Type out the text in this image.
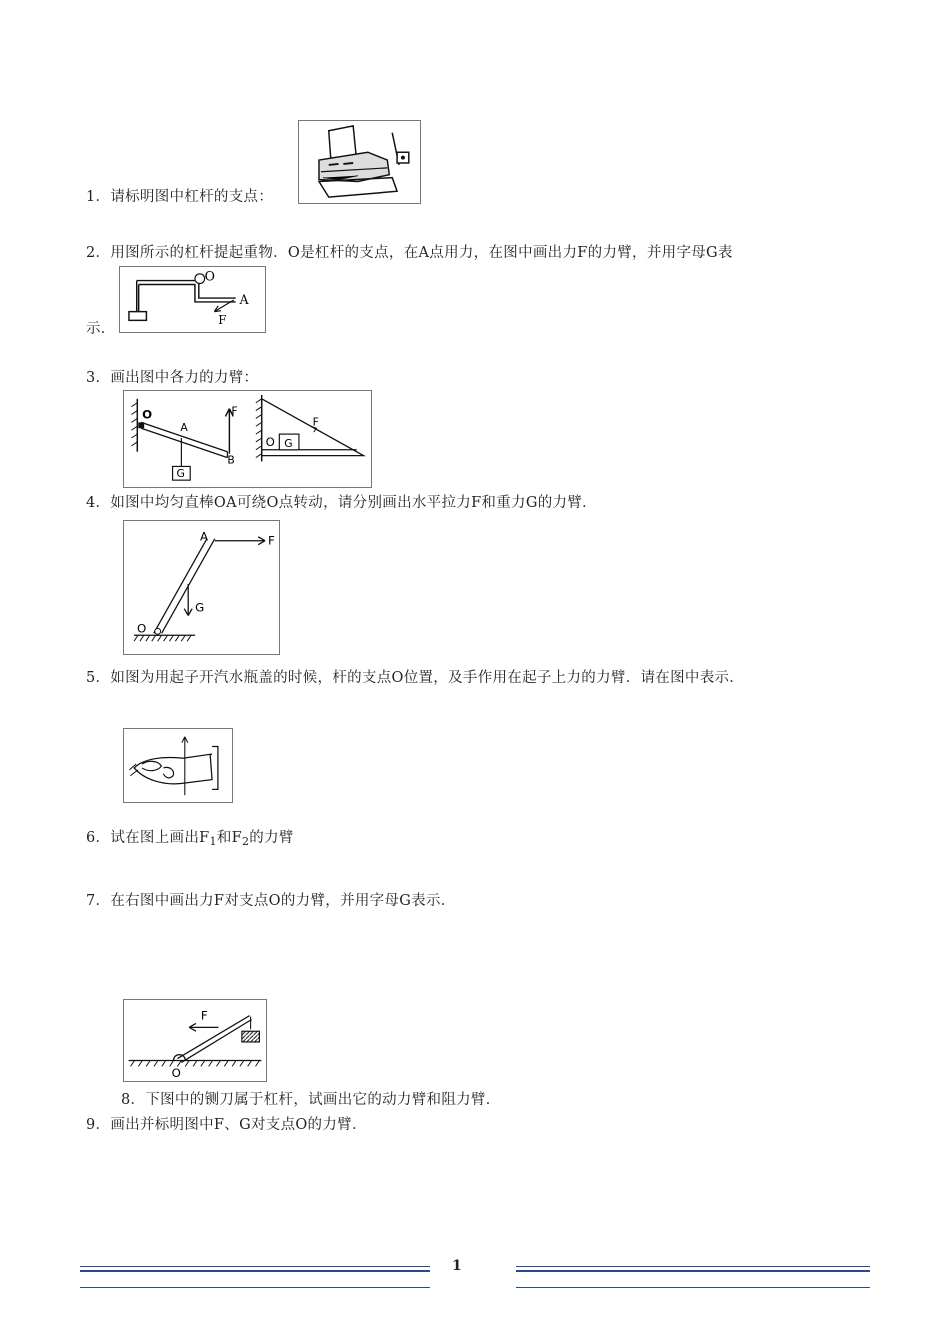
1．请标明图中杠杆的支点：
2．用图所示的杠杆提起重物．O是杠杆的支点，在A点用力，在图中画出力F的力臂，并用字母G表
示．
O
A
F
3．画出图中各力的力臂：
O
A
B
F
G
O
F
G
4．如图中均匀直棒OA可绕O点转动，请分别画出水平拉力F和重力G的力臂．
A	F
G
O
5．如图为用起子开汽水瓶盖的时候，杆的支点O位置，及手作用在起子上力的力臂．请在图中表示．
6．试在图上画出$F_1$和$F_2$的力臂
7．在右图中画出力F对支点O的力臂，并用字母G表示．
F
O
8．下图中的铡刀属于杠杆，试画出它的动力臂和阻力臂．
9．画出并标明图中F、G对支点O的力臂．
1
